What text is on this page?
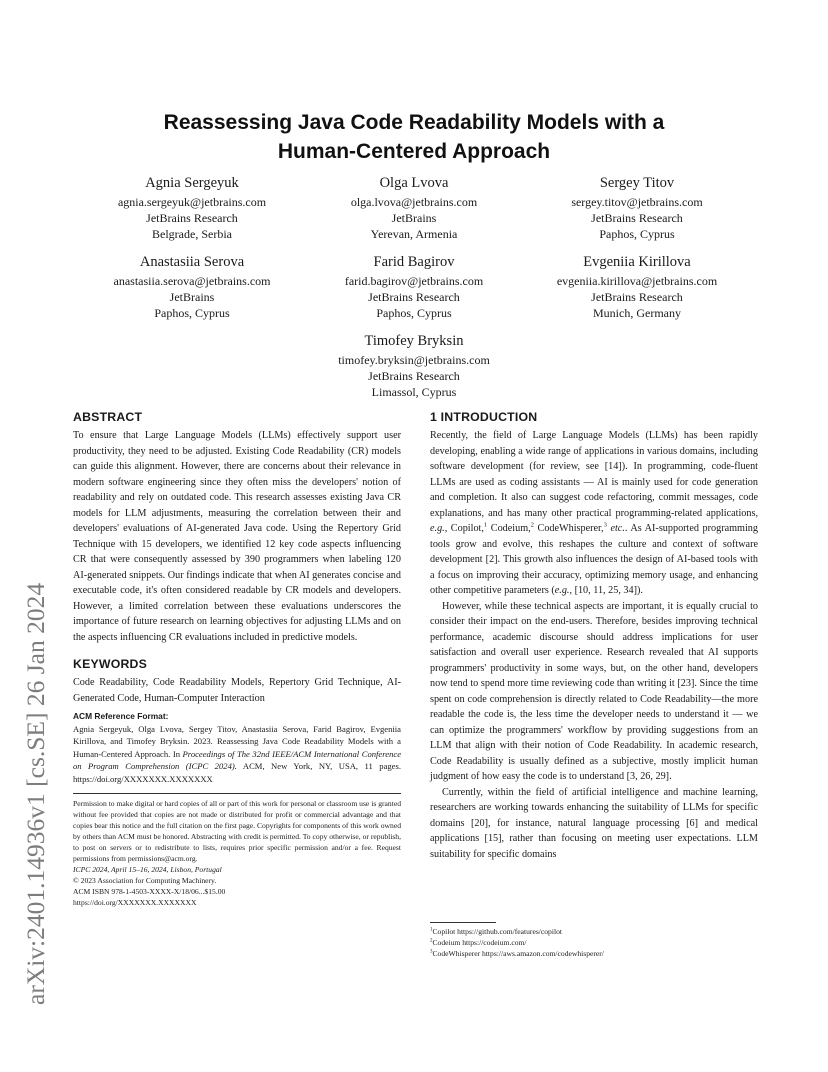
arXiv:2401.14936v1 [cs.SE] 26 Jan 2024
Reassessing Java Code Readability Models with a
Human-Centered Approach
Agnia Sergeyuk
agnia.sergeyuk@jetbrains.com
JetBrains Research
Belgrade, Serbia
Olga Lvova
olga.lvova@jetbrains.com
JetBrains
Yerevan, Armenia
Sergey Titov
sergey.titov@jetbrains.com
JetBrains Research
Paphos, Cyprus
Anastasiia Serova
anastasiia.serova@jetbrains.com
JetBrains
Paphos, Cyprus
Farid Bagirov
farid.bagirov@jetbrains.com
JetBrains Research
Paphos, Cyprus
Evgeniia Kirillova
evgeniia.kirillova@jetbrains.com
JetBrains Research
Munich, Germany
Timofey Bryksin
timofey.bryksin@jetbrains.com
JetBrains Research
Limassol, Cyprus
ABSTRACT

To ensure that Large Language Models (LLMs) effectively support user productivity, they need to be adjusted. Existing Code Readability (CR) models can guide this alignment. However, there are concerns about their relevance in modern software engineering since they often miss the developers' notion of readability and rely on outdated code. This research assesses existing Java CR models for LLM adjustments, measuring the correlation between their and developers' evaluations of AI-generated Java code. Using the Repertory Grid Technique with 15 developers, we identified 12 key code aspects influencing CR that were consequently assessed by 390 programmers when labeling 120 AI-generated snippets. Our findings indicate that when AI generates concise and executable code, it's often considered readable by CR models and developers. However, a limited correlation between these evaluations underscores the importance of future research on learning objectives for adjusting LLMs and on the aspects influencing CR evaluations included in predictive models.

KEYWORDS

Code Readability, Code Readability Models, Repertory Grid Technique, AI-Generated Code, Human-Computer Interaction

ACM Reference Format:
Agnia Sergeyuk, Olga Lvova, Sergey Titov, Anastasiia Serova, Farid Bagirov, Evgeniia Kirillova, and Timofey Bryksin. 2023. Reassessing Java Code Readability Models with a Human-Centered Approach. In Proceedings of The 32nd IEEE/ACM International Conference on Program Comprehension (ICPC 2024). ACM, New York, NY, USA, 11 pages. https://doi.org/XXXXXXX.XXXXXXX
Permission to make digital or hard copies of all or part of this work for personal or classroom use is granted without fee provided that copies are not made or distributed for profit or commercial advantage and that copies bear this notice and the full citation on the first page. Copyrights for components of this work owned by others than ACM must be honored. Abstracting with credit is permitted. To copy otherwise, or republish, to post on servers or to redistribute to lists, requires prior specific permission and/or a fee. Request permissions from permissions@acm.org.
ICPC 2024, April 15–16, 2024, Lisbon, Portugal
© 2023 Association for Computing Machinery.
ACM ISBN 978-1-4503-XXXX-X/18/06...$15.00
https://doi.org/XXXXXXX.XXXXXXX
1 INTRODUCTION

Recently, the field of Large Language Models (LLMs) has been rapidly developing, enabling a wide range of applications in various domains, including software development (for review, see [14]). In programming, code-fluent LLMs are used as coding assistants — AI is mainly used for code generation and completion. It also can suggest code refactoring, commit messages, code explanations, and has many other practical programming-related applications, e.g., Copilot,$^1$ Codeium,$^2$ CodeWhisperer,$^3$ etc.. As AI-supported programming tools grow and evolve, this reshapes the culture and context of software development [2]. This growth also influences the design of AI-based tools with a focus on improving their accuracy, optimizing memory usage, and enhancing other competitive parameters (e.g., [10, 11, 25, 34]).

However, while these technical aspects are important, it is equally crucial to consider their impact on the end-users. Therefore, besides improving technical performance, academic discourse should address implications for user satisfaction and overall user experience. Research revealed that AI supports programmers' productivity in some ways, but, on the other hand, developers now tend to spend more time reviewing code than writing it [23]. Since the time spent on code comprehension is directly related to Code Readability—the more readable the code is, the less time the developer needs to understand it — we can optimize the programmers' workflow by providing suggestions from an LLM that align with their notion of Code Readability. In academic research, Code Readability is usually defined as a subjective, mostly implicit human judgment of how easy the code is to understand [3, 26, 29].

Currently, within the field of artificial intelligence and machine learning, researchers are working towards enhancing the suitability of LLMs for specific domains [20], for instance, natural language processing [6] and medical applications [15], rather than focusing on meeting user expectations. LLM suitability for specific domains

$^1$Copilot https://github.com/features/copilot
$^2$Codeium https://codeium.com/
$^3$CodeWhisperer https://aws.amazon.com/codewhisperer/
